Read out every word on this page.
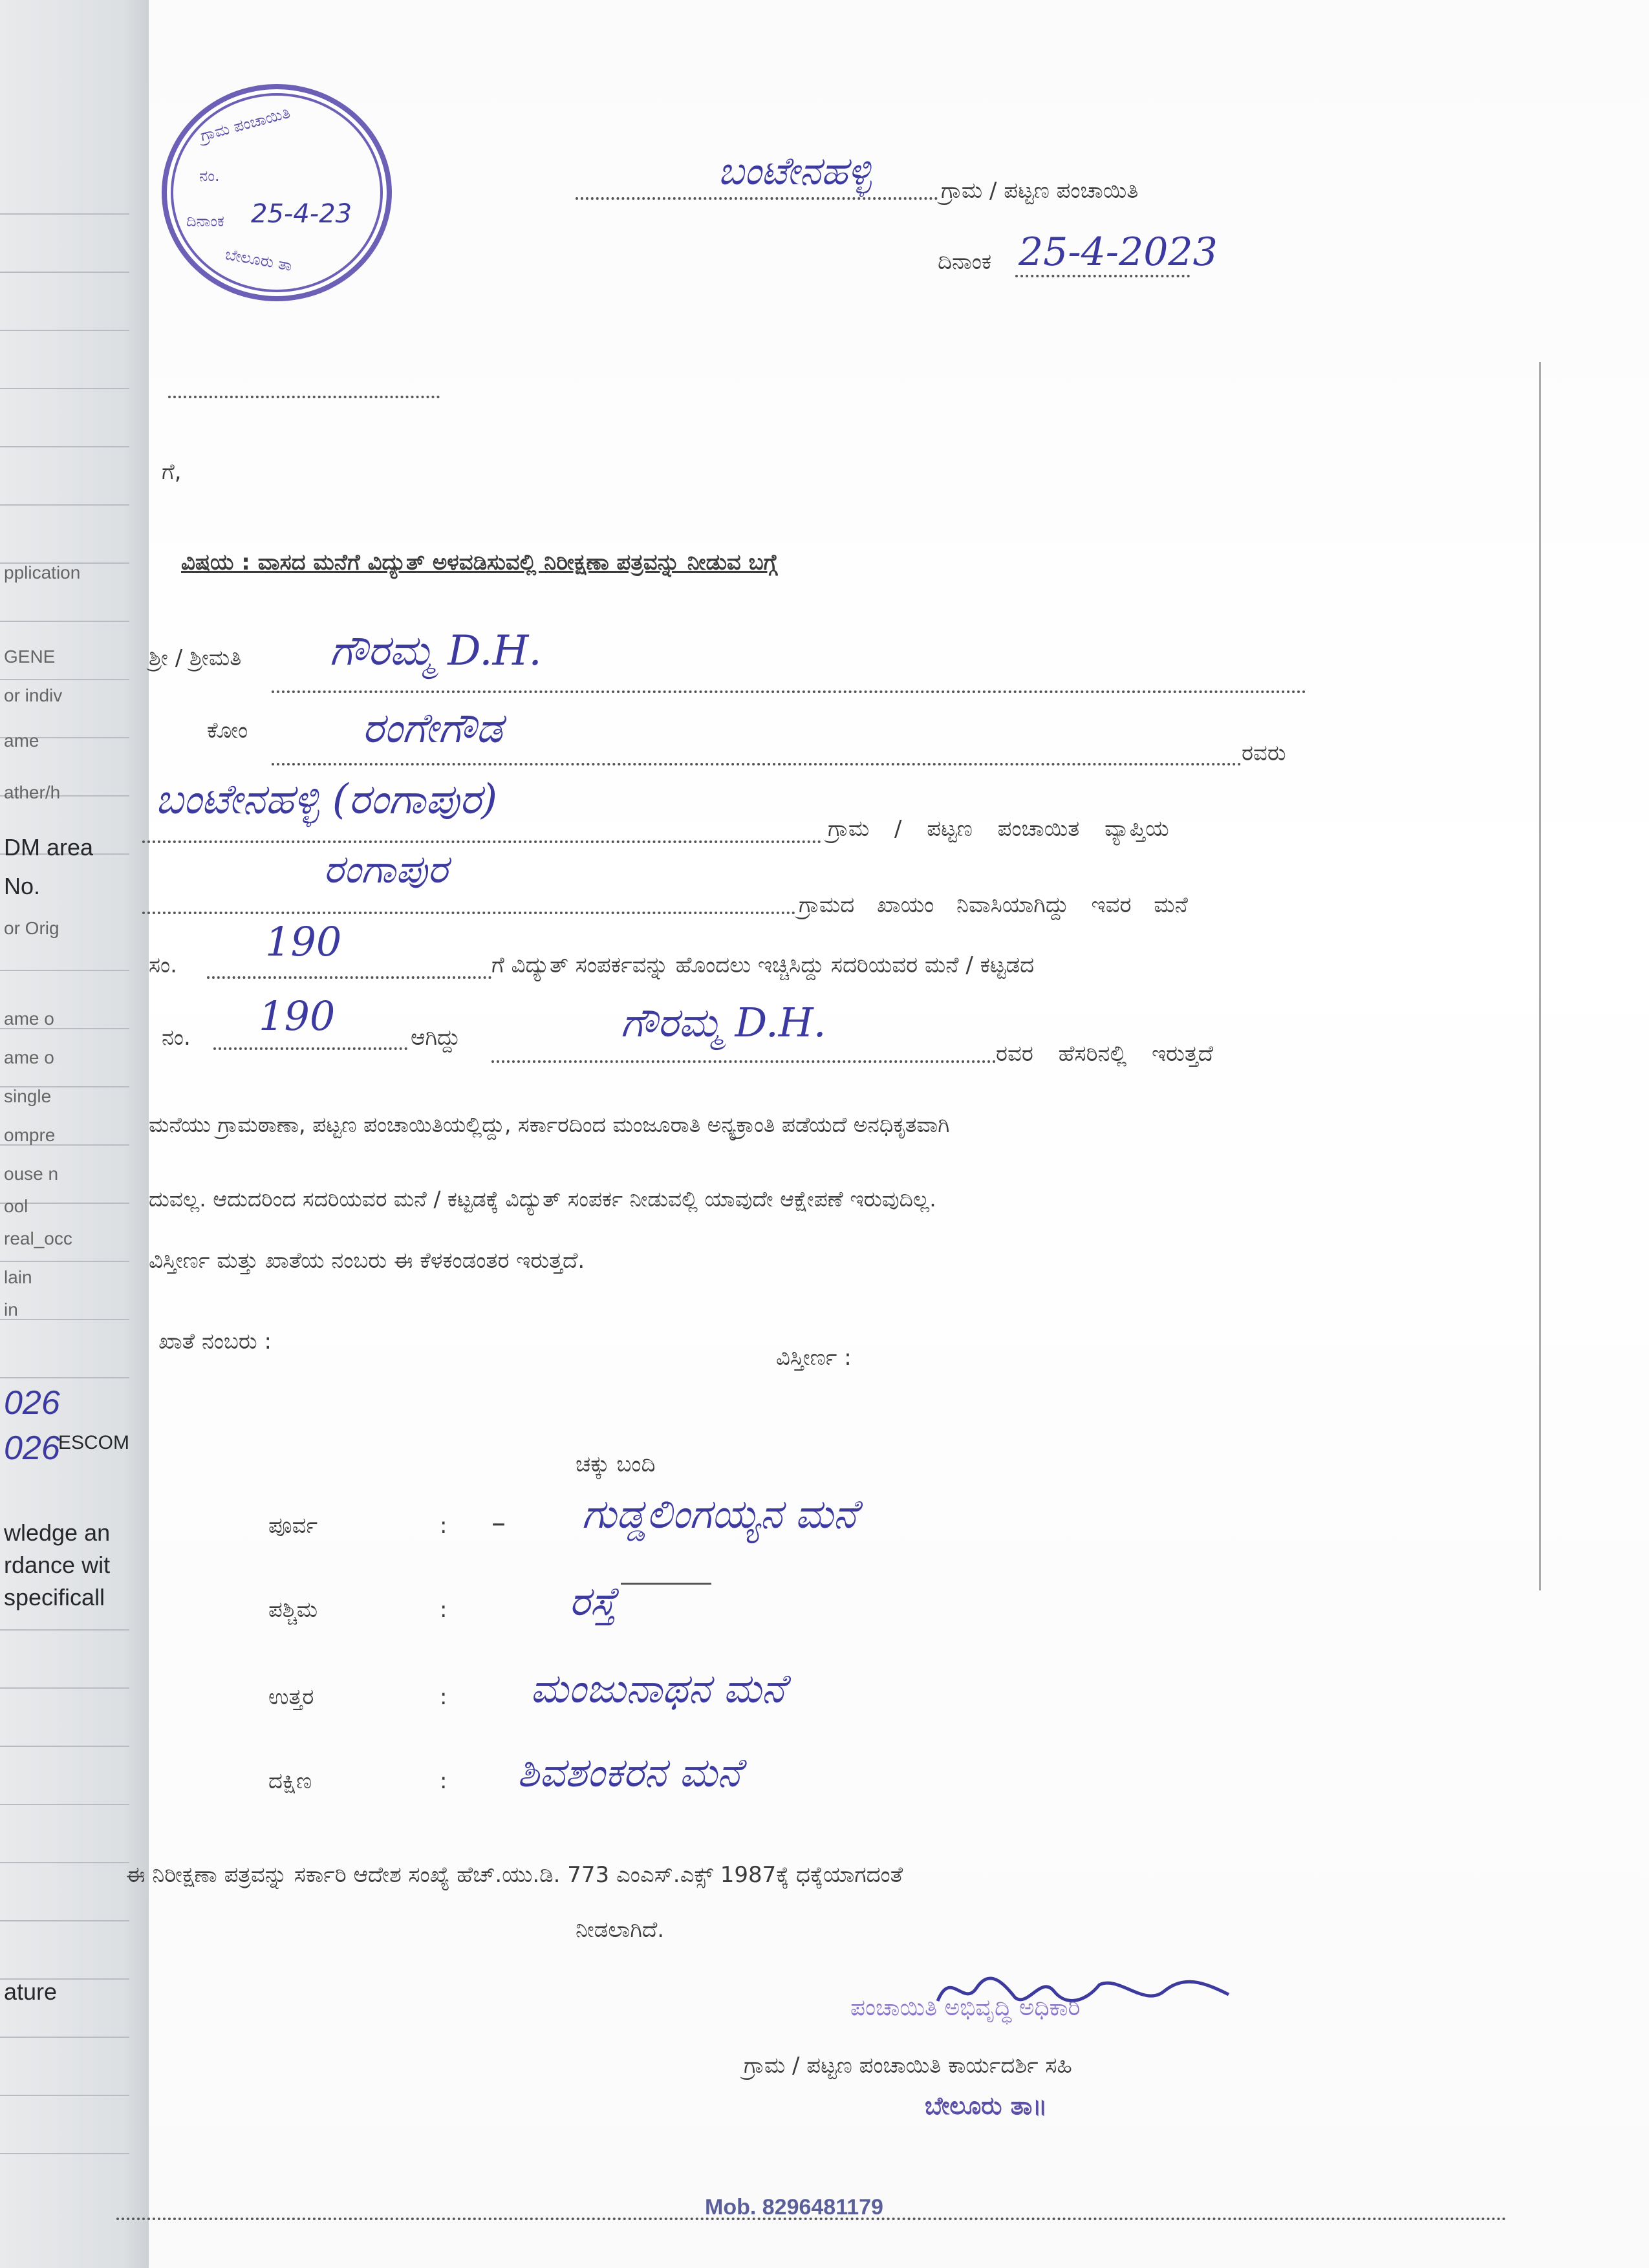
DM area
No.
pplication
GENE
or indiv
ame
ather/h
or Orig
ame o
ame o
single
ompre
ouse n
ool
real_occ
lain
in
026
026
ESCOM
wledge an
rdance wit
specificall
ature
ಗ್ರಾಮ ಪಂಚಾಯಿತಿ
ನಂ.
ದಿನಾಂಕ 25-4-23
ಬೇಲೂರು ತಾ
ಗೆ,
ಬಂಟೇನಹಳ್ಳಿ	ಗ್ರಾಮ / ಪಟ್ಟಣ ಪಂಚಾಯಿತಿ
ದಿನಾಂಕ 25-4-2023
ವಿಷಯ : ವಾಸದ ಮನೆಗೆ ವಿದ್ಯುತ್ ಅಳವಡಿಸುವಲ್ಲಿ ನಿರೀಕ್ಷಣಾ ಪತ್ರವನ್ನು ನೀಡುವ ಬಗ್ಗೆ
ಶ್ರೀ / ಶ್ರೀಮತಿ ಗೌರಮ್ಮ D.H.
ಕೋಂ	ರಂಗೇಗೌಡ
ರವರು
ಬಂಟೇನಹಳ್ಳಿ (ರಂಗಾಪುರ)
ಗ್ರಾಮ / ಪಟ್ಟಣ ಪಂಚಾಯಿತ ವ್ಯಾಪ್ತಿಯ
ರಂಗಾಪುರ
ಗ್ರಾಮದ ಖಾಯಂ ನಿವಾಸಿಯಾಗಿದ್ದು ಇವರ ಮನೆ
ಸಂ. 190	ಗೆ ವಿದ್ಯುತ್ ಸಂಪರ್ಕವನ್ನು ಹೊಂದಲು ಇಚ್ಚಿಸಿದ್ದು ಸದರಿಯವರ ಮನೆ / ಕಟ್ಟಡದ
ನಂ. 190	ಆಗಿದ್ದು	ಗೌರಮ್ಮ D.H.
ರವರ ಹೆಸರಿನಲ್ಲಿ ಇರುತ್ತದೆ
ಮನೆಯು ಗ್ರಾಮಠಾಣಾ, ಪಟ್ಟಣ ಪಂಚಾಯಿತಿಯಲ್ಲಿದ್ದು, ಸರ್ಕಾರದಿಂದ ಮಂಜೂರಾತಿ ಅನ್ಯಕ್ರಾಂತಿ ಪಡೆಯದೆ ಅನಧಿಕೃತವಾಗಿ
ದುವಲ್ಲ. ಆದುದರಿಂದ ಸದರಿಯವರ ಮನೆ / ಕಟ್ಟಡಕ್ಕೆ ವಿದ್ಯುತ್ ಸಂಪರ್ಕ ನೀಡುವಲ್ಲಿ ಯಾವುದೇ ಆಕ್ಷೇಪಣೆ ಇರುವುದಿಲ್ಲ.
ವಿಸ್ತೀರ್ಣ ಮತ್ತು ಖಾತೆಯ ನಂಬರು ಈ ಕೆಳಕಂಡಂತರ ಇರುತ್ತದೆ.
ಖಾತೆ ನಂಬರು :
ವಿಸ್ತೀರ್ಣ :
ಚಕ್ಕು ಬಂದಿ
ಪೂರ್ವ	: – ಗುಡ್ಡಲಿಂಗಯ್ಯನ ಮನೆ
ಪಶ್ಚಿಮ	:	ರಸ್ತೆ
ಉತ್ತರ	: ಮಂಜುನಾಥನ ಮನೆ
ದಕ್ಷಿಣ	: ಶಿವಶಂಕರನ ಮನೆ
ಈ ನಿರೀಕ್ಷಣಾ ಪತ್ರವನ್ನು ಸರ್ಕಾರಿ ಆದೇಶ ಸಂಖ್ಯೆ ಹೆಚ್.ಯು.ಡಿ. 773 ಎಂಎಸ್.ಎಕ್ಸ್ 1987ಕ್ಕೆ ಧಕ್ಕೆಯಾಗದಂತೆ
ನೀಡಲಾಗಿದೆ.
ಪಂಚಾಯಿತಿ ಅಭಿವೃದ್ಧಿ ಅಧಿಕಾರಿ
ಗ್ರಾಮ / ಪಟ್ಟಣ ಪಂಚಾಯಿತಿ ಕಾರ್ಯದರ್ಶಿ ಸಹಿ
ಬೇಲೂರು ತಾ॥
Mob. 8296481179
